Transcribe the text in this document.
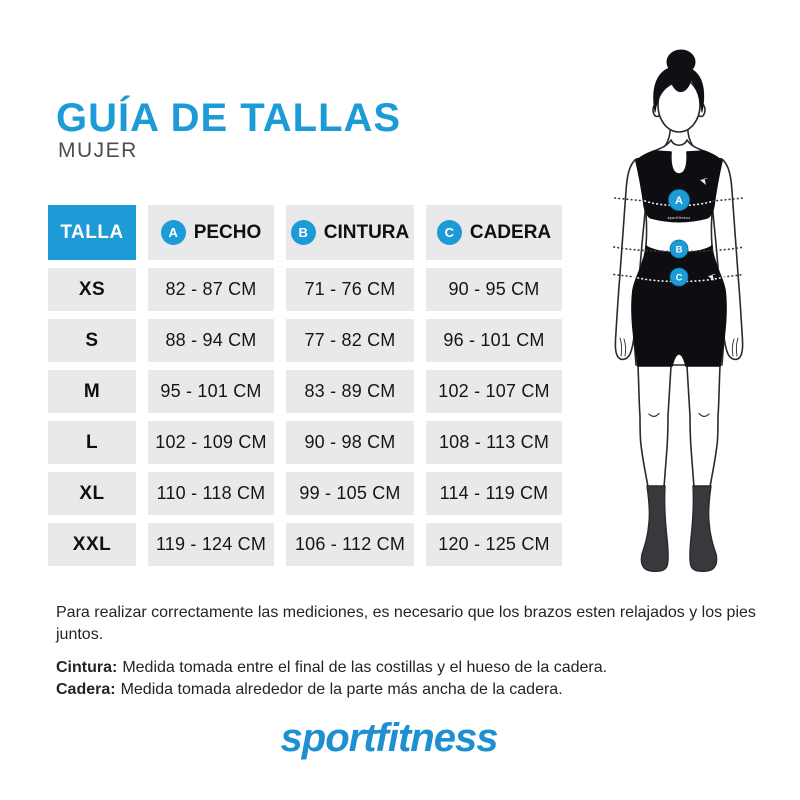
GUÍA DE TALLAS
MUJER
TALLA	A PECHO	B CINTURA	C CADERA
XS	82 - 87 CM	71 - 76 CM	90 - 95 CM
S	88 - 94 CM	77 - 82 CM	96 - 101 CM
M	95 - 101 CM	83 - 89 CM	102 - 107 CM
L	102 - 109 CM	90 - 98 CM	108 - 113 CM
XL	110 - 118 CM	99 - 105 CM	114 - 119 CM
XXL	119 - 124 CM	106 - 112 CM	120 - 125 CM
sportfitness
A
B
C
Para realizar correctamente las mediciones, es necesario que los brazos esten relajados y los pies juntos.
Cintura: Medida tomada entre el final de las costillas y el hueso de la cadera.
Cadera: Medida tomada alrededor de la parte más ancha de la cadera.
sportfitness
